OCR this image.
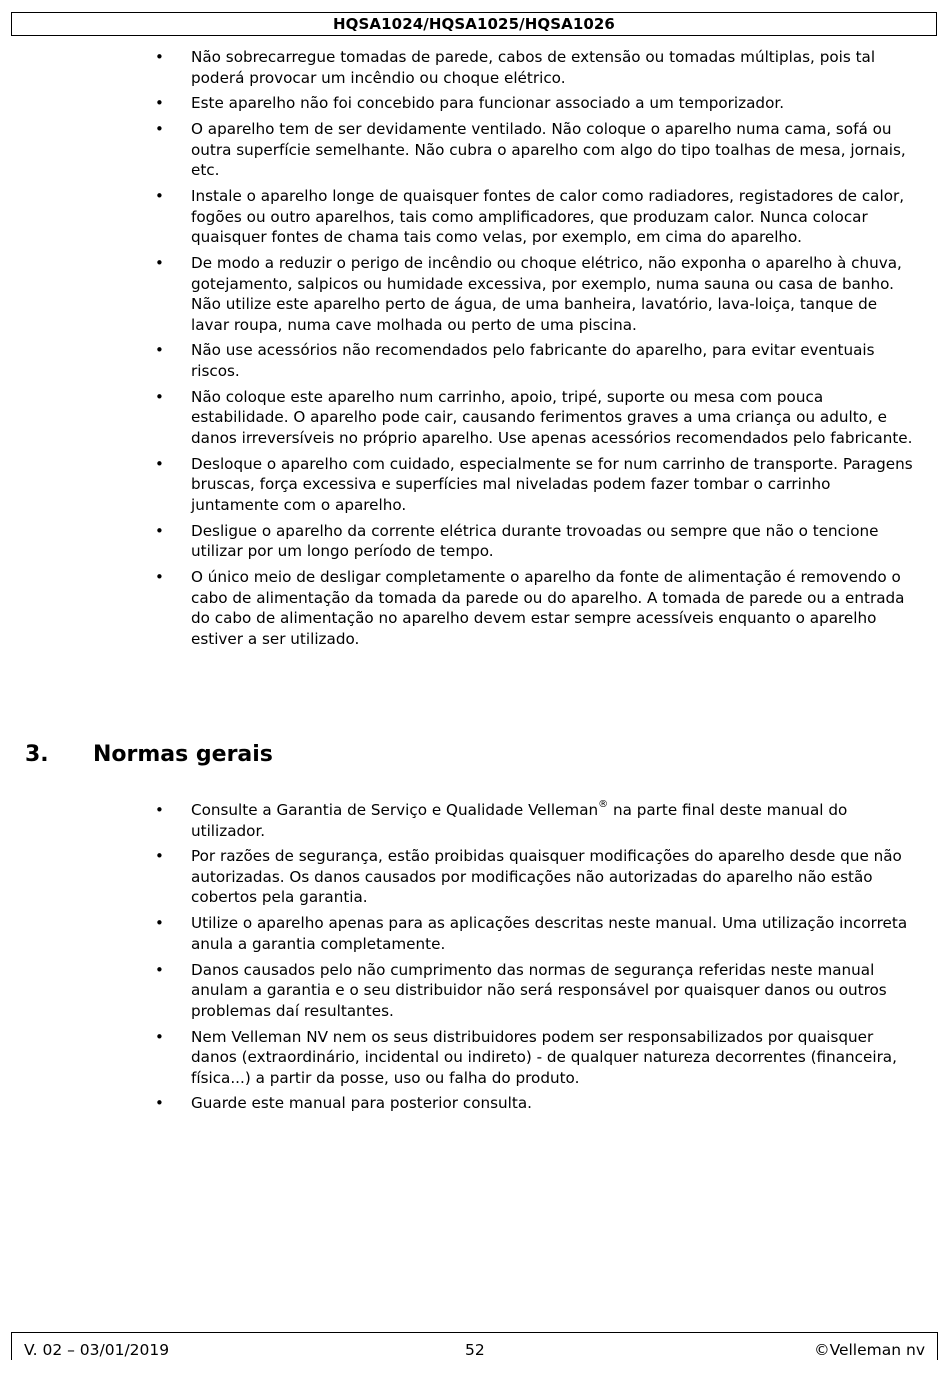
HQSA1024/HQSA1025/HQSA1026
• Não sobrecarregue tomadas de parede, cabos de extensão ou tomadas múltiplas, pois tal poderá provocar um incêndio ou choque elétrico.
• Este aparelho não foi concebido para funcionar associado a um temporizador.
• O aparelho tem de ser devidamente ventilado. Não coloque o aparelho numa cama, sofá ou outra superfície semelhante. Não cubra o aparelho com algo do tipo toalhas de mesa, jornais, etc.
• Instale o aparelho longe de quaisquer fontes de calor como radiadores, registadores de calor, fogões ou outro aparelhos, tais como amplificadores, que produzam calor. Nunca colocar quaisquer fontes de chama tais como velas, por exemplo, em cima do aparelho.
• De modo a reduzir o perigo de incêndio ou choque elétrico, não exponha o aparelho à chuva, gotejamento, salpicos ou humidade excessiva, por exemplo, numa sauna ou casa de banho. Não utilize este aparelho perto de água, de uma banheira, lavatório, lava-loiça, tanque de lavar roupa, numa cave molhada ou perto de uma piscina.
• Não use acessórios não recomendados pelo fabricante do aparelho, para evitar eventuais riscos.
• Não coloque este aparelho num carrinho, apoio, tripé, suporte ou mesa com pouca estabilidade. O aparelho pode cair, causando ferimentos graves a uma criança ou adulto, e danos irreversíveis no próprio aparelho. Use apenas acessórios recomendados pelo fabricante.
• Desloque o aparelho com cuidado, especialmente se for num carrinho de transporte. Paragens bruscas, força excessiva e superfícies mal niveladas podem fazer tombar o carrinho juntamente com o aparelho.
• Desligue o aparelho da corrente elétrica durante trovoadas ou sempre que não o tencione utilizar por um longo período de tempo.
• O único meio de desligar completamente o aparelho da fonte de alimentação é removendo o cabo de alimentação da tomada da parede ou do aparelho. A tomada de parede ou a entrada do cabo de alimentação no aparelho devem estar sempre acessíveis enquanto o aparelho estiver a ser utilizado.
3. Normas gerais
• Consulte a Garantia de Serviço e Qualidade Velleman® na parte final deste manual do utilizador.
• Por razões de segurança, estão proibidas quaisquer modificações do aparelho desde que não autorizadas. Os danos causados por modificações não autorizadas do aparelho não estão cobertos pela garantia.
• Utilize o aparelho apenas para as aplicações descritas neste manual. Uma utilização incorreta anula a garantia completamente.
• Danos causados pelo não cumprimento das normas de segurança referidas neste manual anulam a garantia e o seu distribuidor não será responsável por quaisquer danos ou outros problemas daí resultantes.
• Nem Velleman NV nem os seus distribuidores podem ser responsabilizados por quaisquer danos (extraordinário, incidental ou indireto) - de qualquer natureza decorrentes (financeira, física...) a partir da posse, uso ou falha do produto.
• Guarde este manual para posterior consulta.
V. 02 – 03/01/2019	52	©Velleman nv
